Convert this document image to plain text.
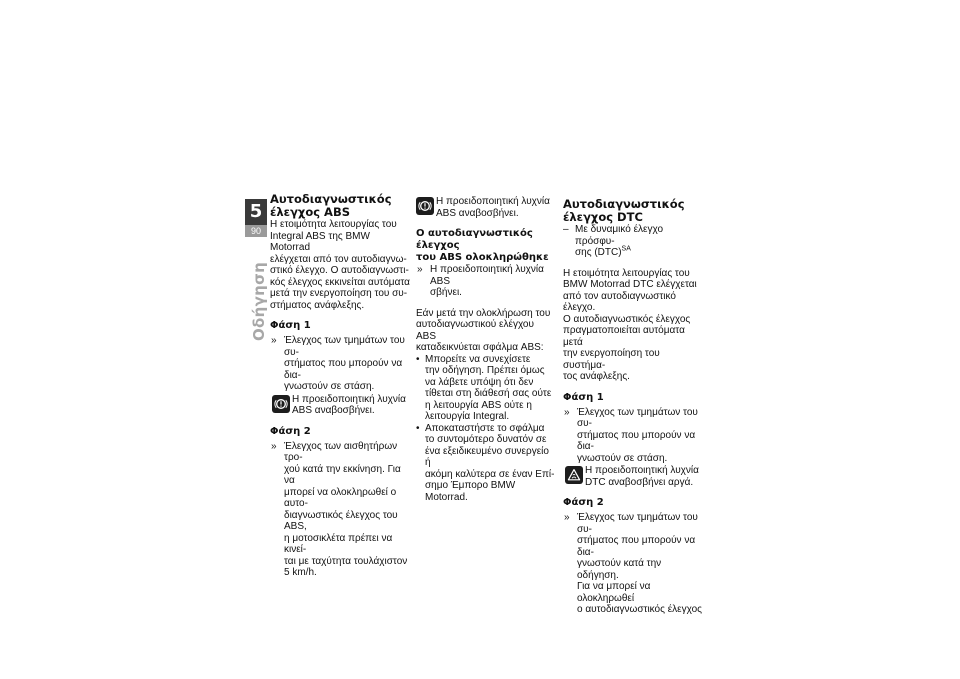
5
90
Οδήγηση
Αυτοδιαγνωστικός
έλεγχος ABS

Η ετοιμότητα λειτουργίας του
Integral ABS της BMW Motorrad
ελέγχεται από τον αυτοδιαγνω-
στικό έλεγχο. Ο αυτοδιαγνωστι-
κός έλεγχος εκκινείται αυτόματα
μετά την ενεργοποίηση του συ-
στήματος ανάφλεξης.

Φάση 1
» Έλεγχος των τμημάτων του συ-
στήματος που μπορούν να δια-
γνωστούν σε στάση.
Η προειδοποιητική λυχνία
ABS αναβοσβήνει.
Φάση 2
» Έλεγχος των αισθητήρων τρο-
χού κατά την εκκίνηση. Για να
μπορεί να ολοκληρωθεί ο αυτο-
διαγνωστικός έλεγχος του ABS,
η μοτοσικλέτα πρέπει να κινεί-
ται με ταχύτητα τουλάχιστον
5 km/h.
Η προειδοποιητική λυχνία
ABS αναβοσβήνει.
Ο αυτοδιαγνωστικός έλεγχος
του ABS ολοκληρώθηκε
» Η προειδοποιητική λυχνία ABS
σβήνει.

Εάν μετά την ολοκλήρωση του
αυτοδιαγνωστικού ελέγχου ABS
καταδεικνύεται σφάλμα ABS:

• Μπορείτε να συνεχίσετε
την οδήγηση. Πρέπει όμως
να λάβετε υπόψη ότι δεν
τίθεται στη διάθεσή σας ούτε
η λειτουργία ABS ούτε η
λειτουργία Integral.
• Αποκαταστήστε το σφάλμα
το συντομότερο δυνατόν σε
ένα εξειδικευμένο συνεργείο ή
ακόμη καλύτερα σε έναν Επί-
σημο Έμπορο BMW Motorrad.
Αυτοδιαγνωστικός
έλεγχος DTC
– Με δυναμικό έλεγχο πρόσφυ-
σης (DTC)$^{SA}$

Η ετοιμότητα λειτουργίας του
BMW Motorrad DTC ελέγχεται
από τον αυτοδιαγνωστικό έλεγχο.
Ο αυτοδιαγνωστικός έλεγχος
πραγματοποιείται αυτόματα μετά
την ενεργοποίηση του συστήμα-
τος ανάφλεξης.

Φάση 1
» Έλεγχος των τμημάτων του συ-
στήματος που μπορούν να δια-
γνωστούν σε στάση.
Η προειδοποιητική λυχνία
DTC αναβοσβήνει αργά.
Φάση 2
» Έλεγχος των τμημάτων του συ-
στήματος που μπορούν να δια-
γνωστούν κατά την οδήγηση.
Για να μπορεί να ολοκληρωθεί
ο αυτοδιαγνωστικός έλεγχος
